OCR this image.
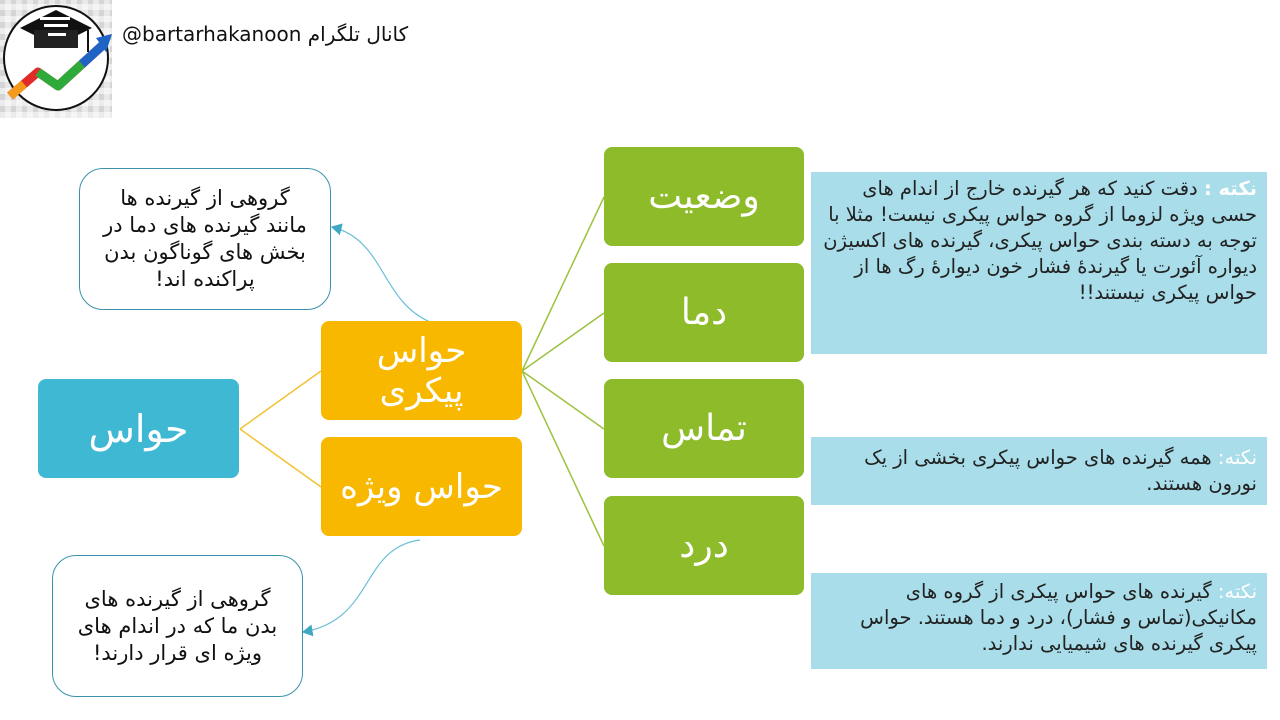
@bartarhakanoon کانال تلگرام
حواس
حواس پیکری
حواس ویژه
وضعیت
دما
تماس
درد
گروهی از گیرنده ها مانند گیرنده های دما در بخش های گوناگون بدن پراکنده اند!
گروهی از گیرنده های بدن ما که در اندام های ویژه ای قرار دارند!
نکته : دقت کنید که هر گیرنده خارج از اندام های حسی ویژه لزوما از گروه حواس پیکری نیست! مثلا با توجه به دسته بندی حواس پیکری، گیرنده های اکسیژن دیواره آئورت یا گیرندهٔ فشار خون دیوارهٔ رگ ها از حواس پیکری نیستند!!
نکته: همه گیرنده های حواس پیکری بخشی از یک نورون هستند.
نکته: گیرنده های حواس پیکری از گروه های مکانیکی(تماس و فشار)، درد و دما هستند. حواس پیکری گیرنده های شیمیایی ندارند.
